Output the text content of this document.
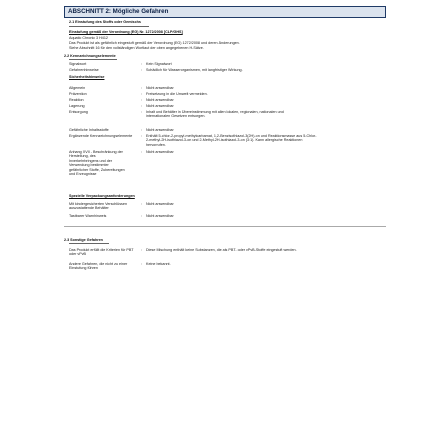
ABSCHNITT 2: Mögliche Gefahren
2.1 Einstufung des Stoffs oder Gemischs
Einstufung gemäß der Verordnung (EG) Nr. 1272/2008 [CLP/GHS]
Aquatic Chronic 3 H412
Das Produkt ist als gefährlich eingestuft gemäß der Verordnung (EG) 1272/2008 und deren Änderungen.
Siehe Abschnitt 16 für den vollständigen Wortlaut der oben angegebenen H-Sätze.
2.2 Kennzeichnungselemente
Signalwort	: Kein Signalwort
Gefahrenhinweise	: Schädlich für Wasserorganismen, mit langfristiger Wirkung.
Sicherheitshinweise
Allgemein	: Nicht anwendbar
Prävention	: Freisetzung in die Umwelt vermeiden.
Reaktion	: Nicht anwendbar
Lagerung	: Nicht anwendbar
Entsorgung	: Inhalt und Behälter in Übereinstimmung mit allen lokalen, regionalen, nationalen und internationalen Gesetzen entsorgen.
Gefährliche Inhaltsstoffe	: Nicht anwendbar
Ergänzende Kennzeichnungselemente	: Enthält 5-chlor-2-propyl-methylcarbamat, 1,2-Benzisothiazol-3(2H)-on und Reaktionsmasse aus 5-Chlor-2-methyl-2H-isothiazol-3-on und 2-Methyl-2H-isothiazol-3-on (3:1). Kann allergische Reaktionen hervorrufen.
Anhang XVII - Beschränkung der Herstellung, des Inverkehrbringens und der Verwendung bestimmter gefährlicher Stoffe, Zubereitungen und Erzeugnisse
: Nicht anwendbar
Spezielle Verpackungsanforderungen
Mit kindergesicherten Verschlüssen auszustattende Behälter
: Nicht anwendbar
Tastbarer Warnhinweis	: Nicht anwendbar
2.3 Sonstige Gefahren
Das Produkt erfüllt die Kriterien für PBT oder vPvB
: Diese Mischung enthält keine Substanzen, die als PBT- oder vPvB-Stoffe eingestuft werden.
Andere Gefahren, die nicht zu einer Einstufung führen
: Keine bekannt.
